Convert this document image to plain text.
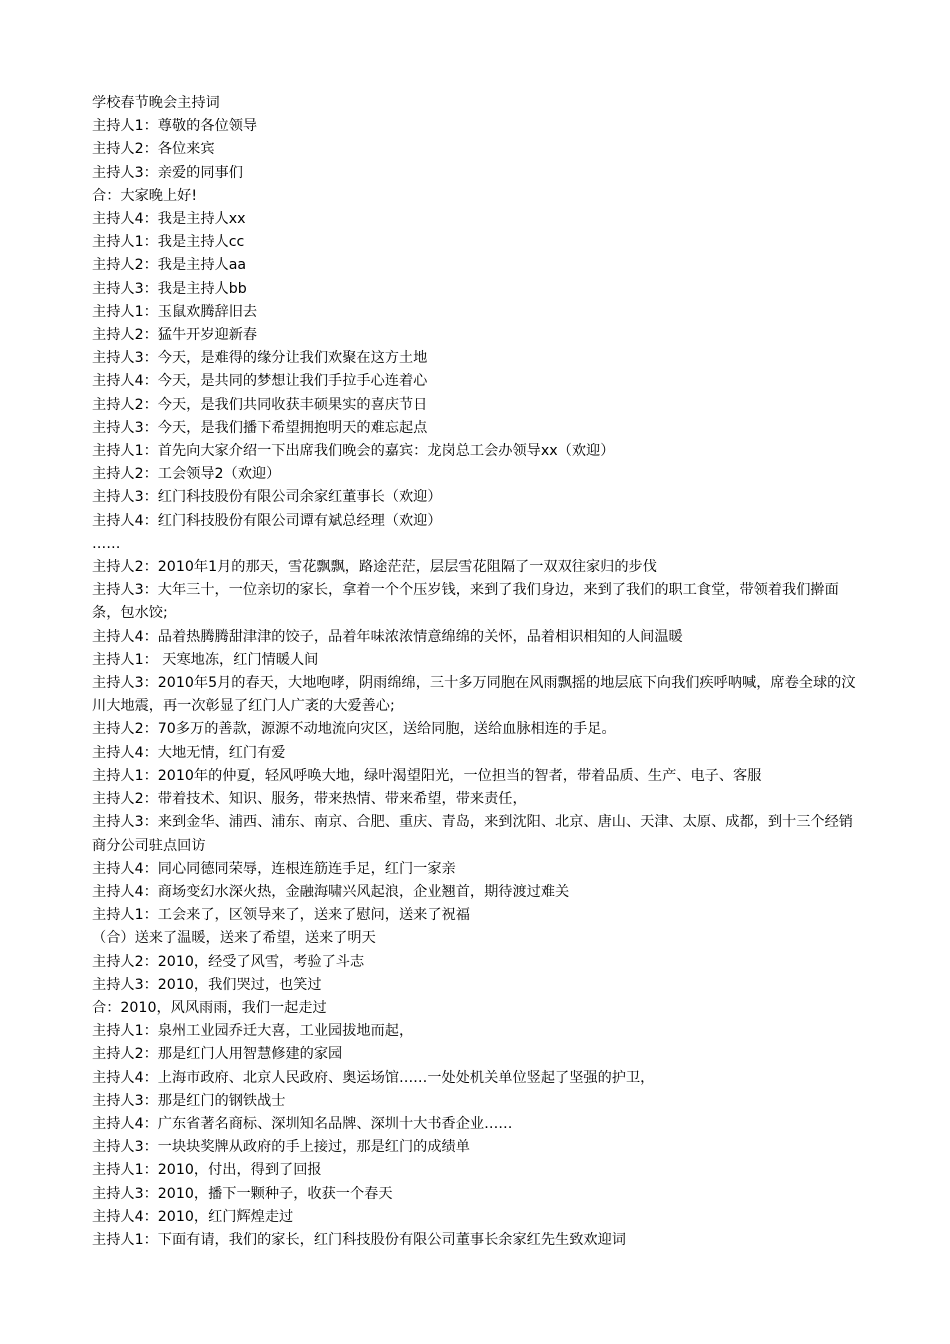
学校春节晚会主持词
主持人1：尊敬的各位领导
主持人2：各位来宾
主持人3：亲爱的同事们
合：大家晚上好!
主持人4：我是主持人xx
主持人1：我是主持人cc
主持人2：我是主持人aa
主持人3：我是主持人bb
主持人1：玉鼠欢腾辞旧去
主持人2：猛牛开岁迎新春
主持人3：今天，是难得的缘分让我们欢聚在这方土地
主持人4：今天，是共同的梦想让我们手拉手心连着心
主持人2：今天，是我们共同收获丰硕果实的喜庆节日
主持人3：今天，是我们播下希望拥抱明天的难忘起点
主持人1：首先向大家介绍一下出席我们晚会的嘉宾：龙岗总工会办领导xx（欢迎）
主持人2：工会领导2（欢迎）
主持人3：红门科技股份有限公司余家红董事长（欢迎）
主持人4：红门科技股份有限公司谭有斌总经理（欢迎）
……
主持人2：2010年1月的那天，雪花飘飘，路途茫茫，层层雪花阻隔了一双双往家归的步伐
主持人3：大年三十，一位亲切的家长，拿着一个个压岁钱，来到了我们身边，来到了我们的职工食堂，带领着我们擀面条，包水饺;
主持人4：品着热腾腾甜津津的饺子，品着年味浓浓情意绵绵的关怀，品着相识相知的人间温暖
主持人1： 天寒地冻，红门情暖人间
主持人3：2010年5月的春天，大地咆哮，阴雨绵绵，三十多万同胞在风雨飘摇的地层底下向我们疾呼呐喊，席卷全球的汶川大地震，再一次彰显了红门人广袤的大爱善心;
主持人2：70多万的善款，源源不动地流向灾区，送给同胞，送给血脉相连的手足。
主持人4：大地无情，红门有爱
主持人1：2010年的仲夏，轻风呼唤大地，绿叶渴望阳光，一位担当的智者，带着品质、生产、电子、客服
主持人2：带着技术、知识、服务，带来热情、带来希望，带来责任，
主持人3：来到金华、浦西、浦东、南京、合肥、重庆、青岛，来到沈阳、北京、唐山、天津、太原、成都，到十三个经销商分公司驻点回访
主持人4：同心同德同荣辱，连根连筋连手足，红门一家亲
主持人4：商场变幻水深火热，金融海啸兴风起浪，企业翘首，期待渡过难关
主持人1：工会来了，区领导来了，送来了慰问，送来了祝福
（合）送来了温暖，送来了希望，送来了明天
主持人2：2010，经受了风雪，考验了斗志
主持人3：2010，我们哭过，也笑过
合：2010，风风雨雨，我们一起走过
主持人1：泉州工业园乔迁大喜，工业园拔地而起，
主持人2：那是红门人用智慧修建的家园
主持人4：上海市政府、北京人民政府、奥运场馆……一处处机关单位竖起了坚强的护卫，
主持人3：那是红门的钢铁战士
主持人4：广东省著名商标、深圳知名品牌、深圳十大书香企业……
主持人3：一块块奖牌从政府的手上接过，那是红门的成绩单
主持人1：2010，付出，得到了回报
主持人3：2010，播下一颗种子，收获一个春天
主持人4：2010，红门辉煌走过
主持人1：下面有请，我们的家长，红门科技股份有限公司董事长余家红先生致欢迎词
